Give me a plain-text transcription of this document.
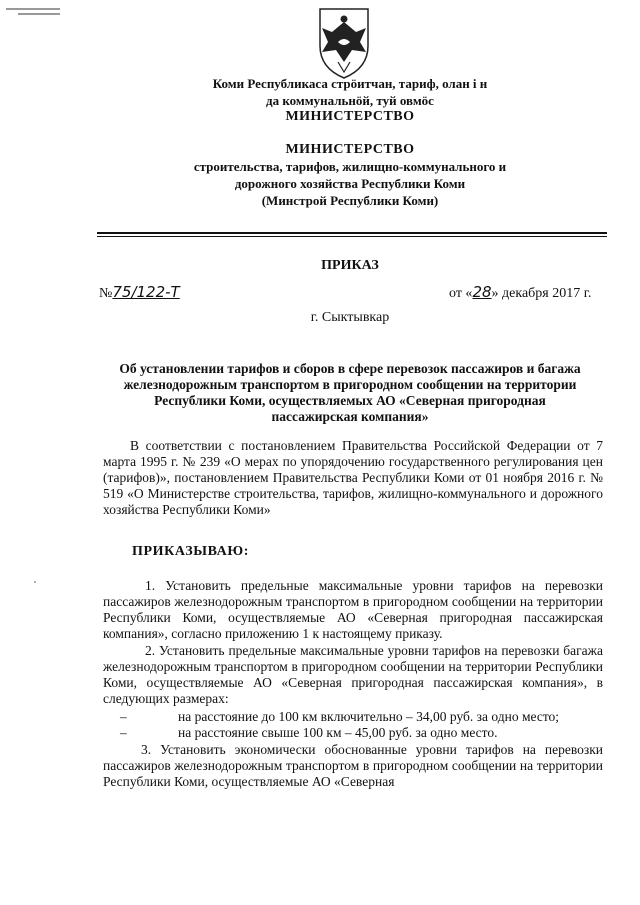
Коми Республикаса стрӧитчан, тариф, олан і н
да коммунальнӧй, туй овмӧс
МИНИСТЕРСТВО
МИНИСТЕРСТВО
строительства, тарифов, жилищно-коммунального и
дорожного хозяйства Республики Коми
(Минстрой Республики Коми)
ПРИКАЗ
№75/122-Т	от «28» декабря 2017 г.
г. Сыктывкар
Об установлении тарифов и сборов в сфере перевозок пассажиров и багажа железнодорожным транспортом в пригородном сообщении на территории Республики Коми, осуществляемых АО «Северная пригородная пассажирская компания»
В соответствии с постановлением Правительства Российской Федерации от 7 марта 1995 г. № 239 «О мерах по упорядочению государственного регулирования цен (тарифов)», постановлением Правительства Республики Коми от 01 ноября 2016 г. № 519 «О Министерстве строительства, тарифов, жилищно-коммунального и дорожного хозяйства Республики Коми»
ПРИКАЗЫВАЮ:
1. Установить предельные максимальные уровни тарифов на перевозки пассажиров железнодорожным транспортом в пригородном сообщении на территории Республики Коми, осуществляемые АО «Северная пригородная пассажирская компания», согласно приложению 1 к настоящему приказу.
2. Установить предельные максимальные уровни тарифов на перевозки багажа железнодорожным транспортом в пригородном сообщении на территории Республики Коми, осуществляемые АО «Северная пригородная пассажирская компания», в следующих размерах:
–	на расстояние до 100 км включительно – 34,00 руб. за одно место;
–	на расстояние свыше 100 км – 45,00 руб. за одно место.
3. Установить экономически обоснованные уровни тарифов на перевозки пассажиров железнодорожным транспортом в пригородном сообщении на территории Республики Коми, осуществляемые АО «Северная
